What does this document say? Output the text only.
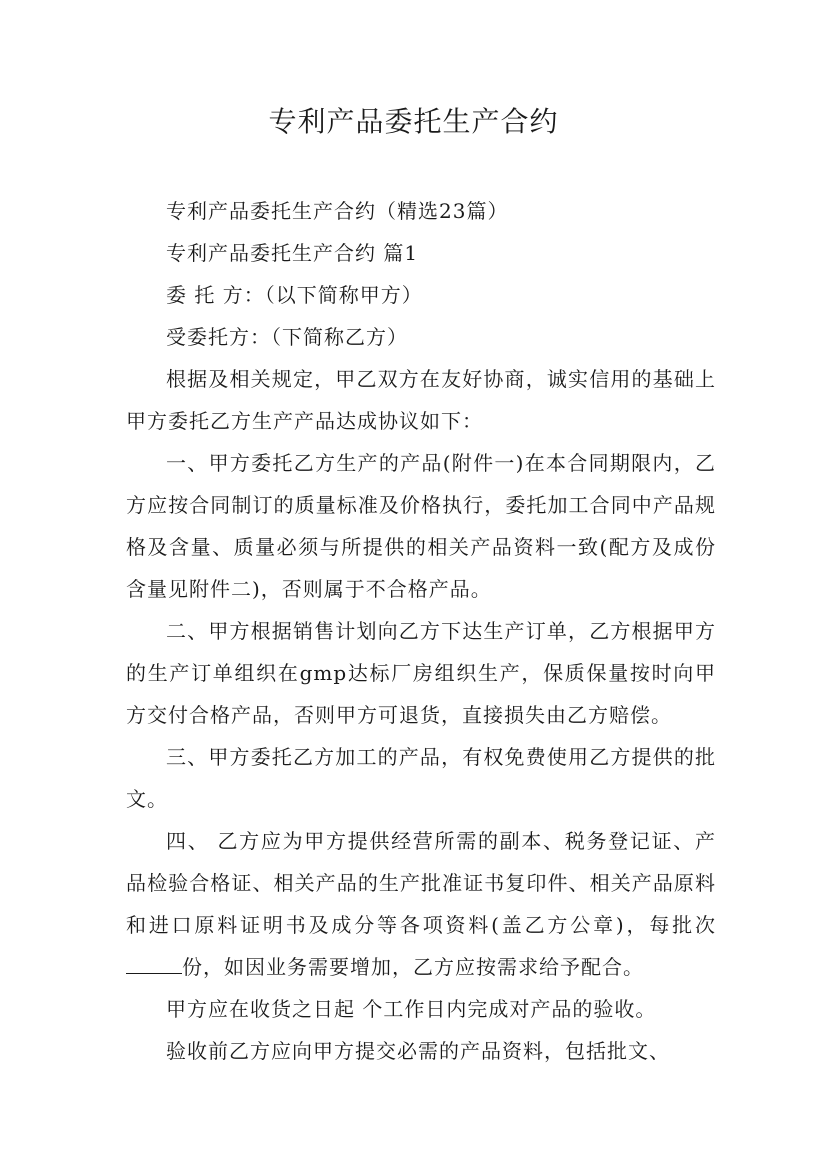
专利产品委托生产合约

专利产品委托生产合约（精选23篇）

专利产品委托生产合约 篇1

委 托 方：（以下简称甲方）

受委托方：（下简称乙方）

根据及相关规定，甲乙双方在友好协商，诚实信用的基础上甲方委托乙方生产产品达成协议如下：

一、甲方委托乙方生产的产品(附件一)在本合同期限内，乙方应按合同制订的质量标准及价格执行，委托加工合同中产品规格及含量、质量必须与所提供的相关产品资料一致(配方及成份含量见附件二)，否则属于不合格产品。

二、甲方根据销售计划向乙方下达生产订单，乙方根据甲方的生产订单组织在gmp达标厂房组织生产，保质保量按时向甲方交付合格产品，否则甲方可退货，直接损失由乙方赔偿。

三、甲方委托乙方加工的产品，有权免费使用乙方提供的批文。

四、 乙方应为甲方提供经营所需的副本、税务登记证、产品检验合格证、相关产品的生产批准证书复印件、相关产品原料和进口原料证明书及成分等各项资料(盖乙方公章)，每批次份，如因业务需要增加，乙方应按需求给予配合。

甲方应在收货之日起 个工作日内完成对产品的验收。

验收前乙方应向甲方提交必需的产品资料，包括批文、
